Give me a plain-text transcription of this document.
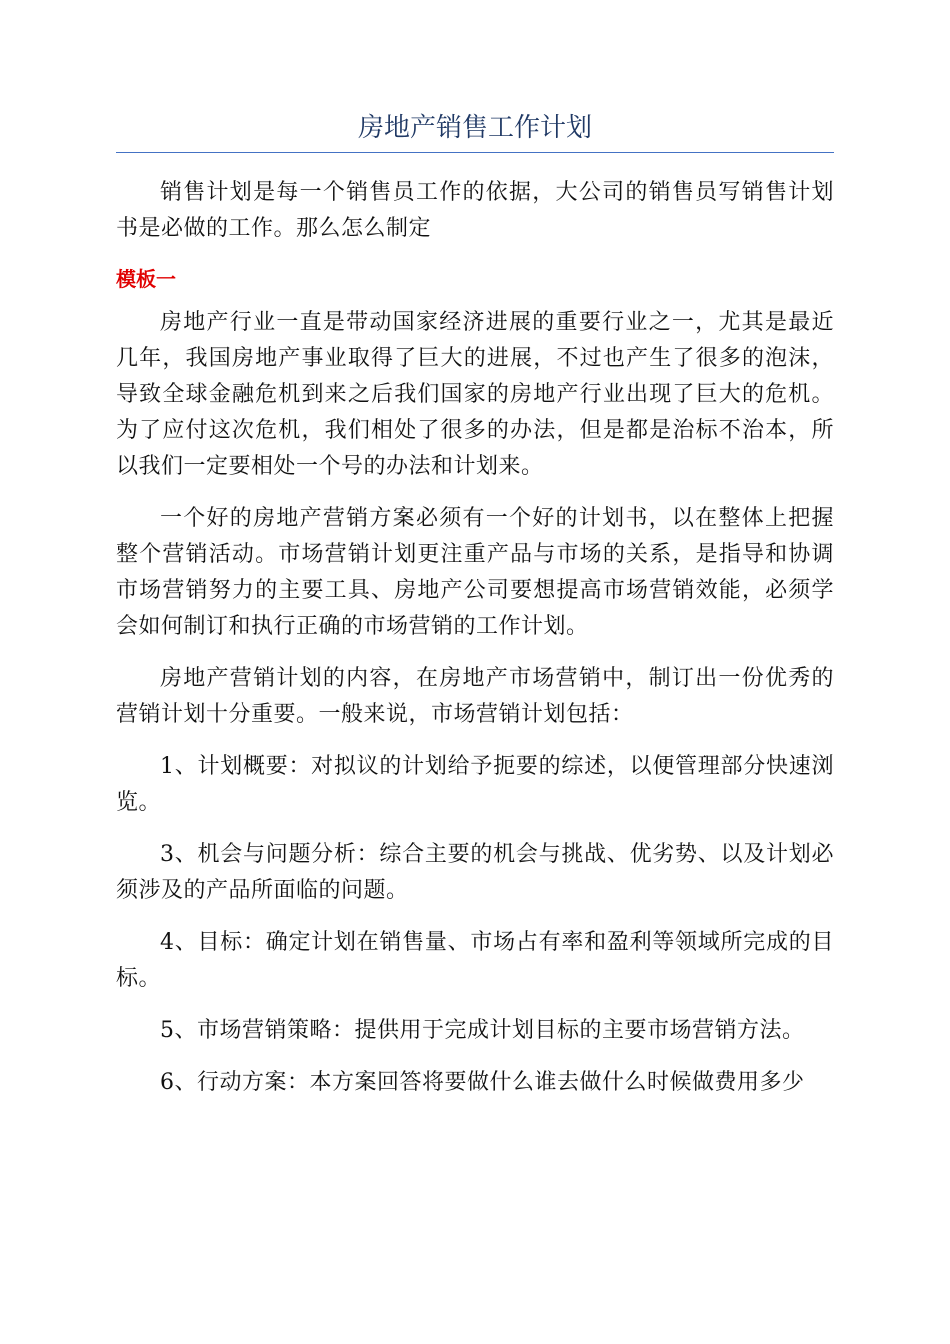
房地产销售工作计划

销售计划是每一个销售员工作的依据，大公司的销售员写销售计划书是必做的工作。那么怎么制定

模板一

房地产行业一直是带动国家经济进展的重要行业之一，尤其是最近几年，我国房地产事业取得了巨大的进展，不过也产生了很多的泡沫，导致全球金融危机到来之后我们国家的房地产行业出现了巨大的危机。为了应付这次危机，我们相处了很多的办法，但是都是治标不治本，所以我们一定要相处一个号的办法和计划来。

一个好的房地产营销方案必须有一个好的计划书，以在整体上把握整个营销活动。市场营销计划更注重产品与市场的关系，是指导和协调市场营销努力的主要工具、房地产公司要想提高市场营销效能，必须学会如何制订和执行正确的市场营销的工作计划。

房地产营销计划的内容，在房地产市场营销中，制订出一份优秀的营销计划十分重要。一般来说，市场营销计划包括：

1、计划概要：对拟议的计划给予扼要的综述，以便管理部分快速浏览。

3、机会与问题分析：综合主要的机会与挑战、优劣势、以及计划必须涉及的产品所面临的问题。

4、目标：确定计划在销售量、市场占有率和盈利等领域所完成的目标。

5、市场营销策略：提供用于完成计划目标的主要市场营销方法。

6、行动方案：本方案回答将要做什么谁去做什么时候做费用多少
